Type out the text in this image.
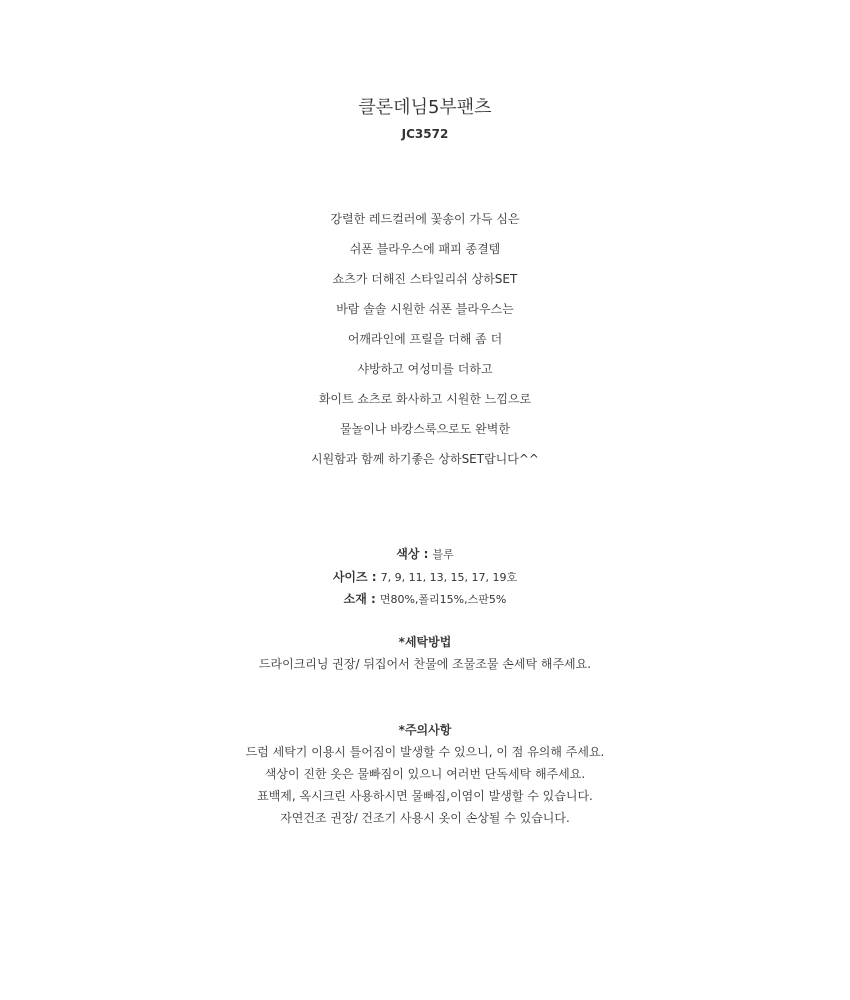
클론데님5부팬츠
JC3572
강렬한 레드컬러에 꽃송이 가득 심은
쉬폰 블라우스에 패피 종결템
쇼츠가 더해진 스타일리쉬 상하SET
바람 솔솔 시원한 쉬폰 블라우스는
어깨라인에 프릴을 더해 좀 더
샤방하고 여성미를 더하고
화이트 쇼츠로 화사하고 시원한 느낌으로
물놀이나 바캉스룩으로도 완벽한
시원함과 함께 하기좋은 상하SET랍니다^^
색상 : 블루
사이즈 : 7, 9, 11, 13, 15, 17, 19호
소재 : 면80%,폴리15%,스판5%
*세탁방법
드라이크리닝 권장/ 뒤집어서 찬물에 조물조물 손세탁 해주세요.
*주의사항
드럼 세탁기 이용시 틀어짐이 발생할 수 있으니, 이 점 유의해 주세요.
색상이 진한 옷은 물빠짐이 있으니 여러번 단독세탁 해주세요.
표백제, 옥시크린 사용하시면 물빠짐,이염이 발생할 수 있습니다.
자연건조 권장/ 건조기 사용시 옷이 손상될 수 있습니다.
